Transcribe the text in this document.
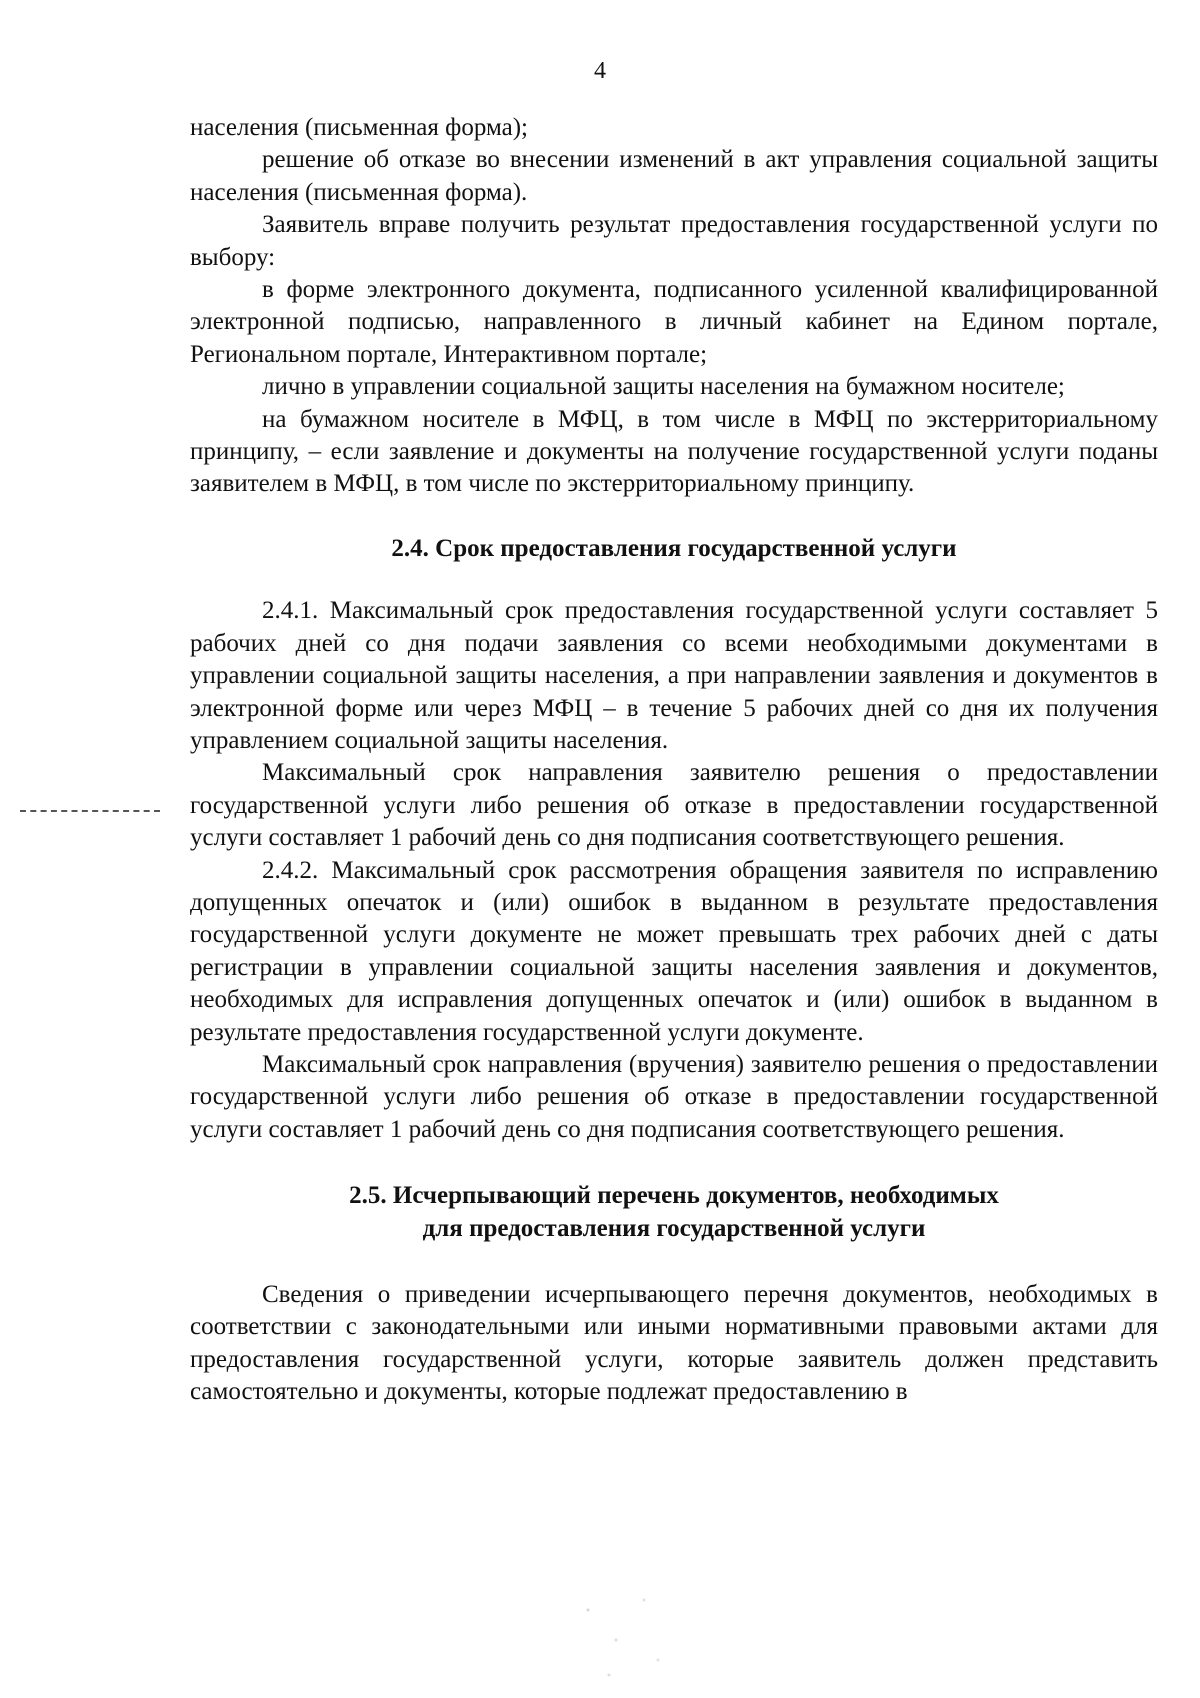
4

населения (письменная форма);

решение об отказе во внесении изменений в акт управления социальной защиты населения (письменная форма).

Заявитель вправе получить результат предоставления государственной услуги по выбору:

в форме электронного документа, подписанного усиленной квалифицированной электронной подписью, направленного в личный кабинет на Едином портале, Региональном портале, Интерактивном портале;

лично в управлении социальной защиты населения на бумажном носителе;

на бумажном носителе в МФЦ, в том числе в МФЦ по экстерриториальному принципу, – если заявление и документы на получение государственной услуги поданы заявителем в МФЦ, в том числе по экстерриториальному принципу.

2.4. Срок предоставления государственной услуги

2.4.1. Максимальный срок предоставления государственной услуги составляет 5 рабочих дней со дня подачи заявления со всеми необходимыми документами в управлении социальной защиты населения, а при направлении заявления и документов в электронной форме или через МФЦ – в течение 5 рабочих дней со дня их получения управлением социальной защиты населения.

Максимальный срок направления заявителю решения о предоставлении государственной услуги либо решения об отказе в предоставлении государственной услуги составляет 1 рабочий день со дня подписания соответствующего решения.

2.4.2. Максимальный срок рассмотрения обращения заявителя по исправлению допущенных опечаток и (или) ошибок в выданном в результате предоставления государственной услуги документе не может превышать трех рабочих дней с даты регистрации в управлении социальной защиты населения заявления и документов, необходимых для исправления допущенных опечаток и (или) ошибок в выданном в результате предоставления государственной услуги документе.

Максимальный срок направления (вручения) заявителю решения о предоставлении государственной услуги либо решения об отказе в предоставлении государственной услуги составляет 1 рабочий день со дня подписания соответствующего решения.

2.5. Исчерпывающий перечень документов, необходимых
для предоставления государственной услуги

Сведения о приведении исчерпывающего перечня документов, необходимых в соответствии с законодательными или иными нормативными правовыми актами для предоставления государственной услуги, которые заявитель должен представить самостоятельно и документы, которые подлежат предоставлению в
